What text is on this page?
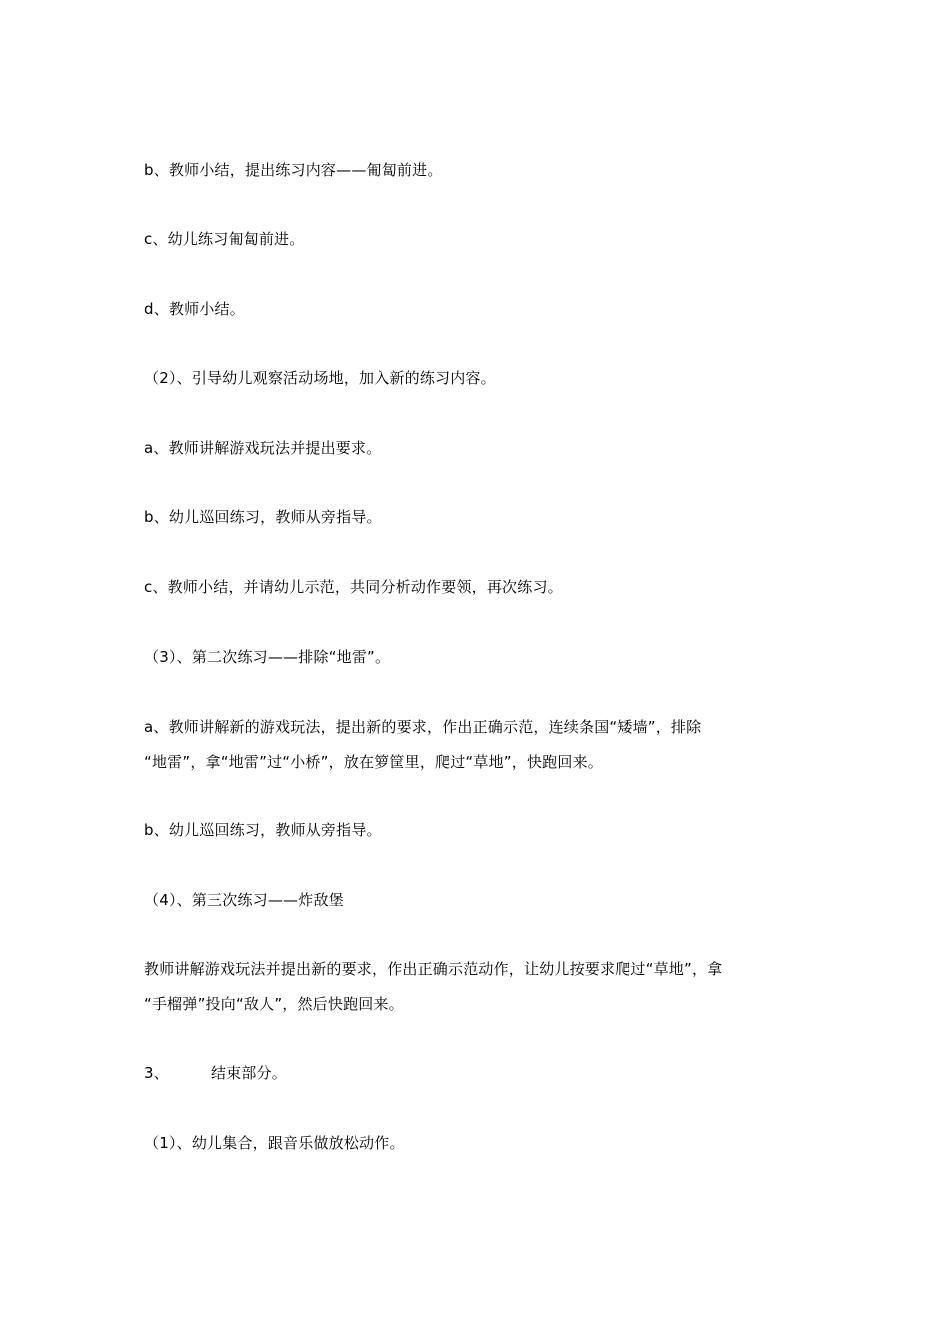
b、教师小结，提出练习内容——匍匐前进。
c、幼儿练习匍匐前进。
d、教师小结。
（2）、引导幼儿观察活动场地，加入新的练习内容。
a、教师讲解游戏玩法并提出要求。
b、幼儿巡回练习，教师从旁指导。
c、教师小结，并请幼儿示范，共同分析动作要领，再次练习。
（3）、第二次练习——排除“地雷”。
a、教师讲解新的游戏玩法，提出新的要求，作出正确示范，连续条国“矮墙”，排除
“地雷”，拿“地雷”过“小桥”，放在箩筐里，爬过“草地”，快跑回来。
b、幼儿巡回练习，教师从旁指导。
（4）、第三次练习——炸敌堡
教师讲解游戏玩法并提出新的要求，作出正确示范动作，让幼儿按要求爬过“草地”，拿
“手榴弹”投向“敌人”，然后快跑回来。
3、	结束部分。
（1）、幼儿集合，跟音乐做放松动作。
